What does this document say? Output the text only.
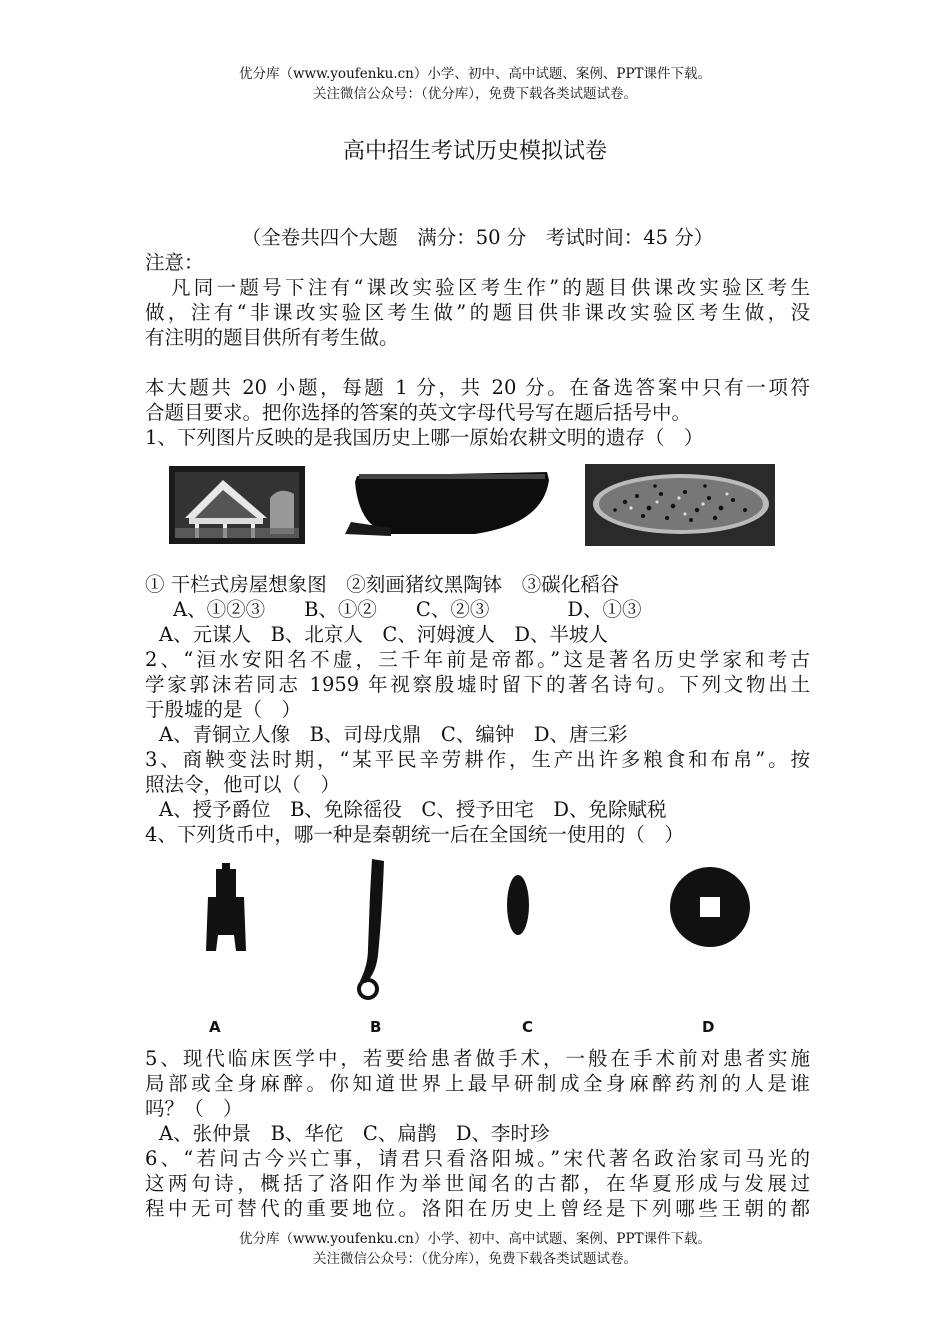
优分库（www.youfenku.cn）小学、初中、高中试题、案例、PPT课件下载。
关注微信公众号：（优分库），免费下载各类试题试卷。
高中招生考试历史模拟试卷
（全卷共四个大题　满分：50 分　考试时间：45 分）
注意：
凡同一题号下注有“课改实验区考生作”的题目供课改实验区考生
做，注有“非课改实验区考生做”的题目供非课改实验区考生做，没
有注明的题目供所有考生做。
本大题共 20 小题，每题 1 分，共 20 分。在备选答案中只有一项符
合题目要求。把你选择的答案的英文字母代号写在题后括号中。
1、下列图片反映的是我国历史上哪一原始农耕文明的遗存（　）
① 干栏式房屋想象图　②刻画猪纹黑陶钵　③碳化稻谷
A、①②③　　B、①②　　C、②③　　　　D、①③
A、元谋人　B、北京人　C、河姆渡人　D、半坡人
2、“洹水安阳名不虚，三千年前是帝都。”这是著名历史学家和考古
学家郭沫若同志 1959 年视察殷墟时留下的著名诗句。下列文物出土
于殷墟的是（　）
A、青铜立人像　B、司母戊鼎　C、编钟　D、唐三彩
3、商鞅变法时期，“某平民辛劳耕作，生产出许多粮食和布帛”。按
照法令，他可以（　）
A、授予爵位　B、免除徭役　C、授予田宅　D、免除赋税
4、下列货币中，哪一种是秦朝统一后在全国统一使用的（　）
A	B	C	D
5、现代临床医学中，若要给患者做手术，一般在手术前对患者实施
局部或全身麻醉。你知道世界上最早研制成全身麻醉药剂的人是谁
吗？（　）
A、张仲景　B、华佗　C、扁鹊　D、李时珍
6、“若问古今兴亡事，请君只看洛阳城。”宋代著名政治家司马光的
这两句诗，概括了洛阳作为举世闻名的古都，在华夏形成与发展过
程中无可替代的重要地位。洛阳在历史上曾经是下列哪些王朝的都
优分库（www.youfenku.cn）小学、初中、高中试题、案例、PPT课件下载。
关注微信公众号：（优分库），免费下载各类试题试卷。
